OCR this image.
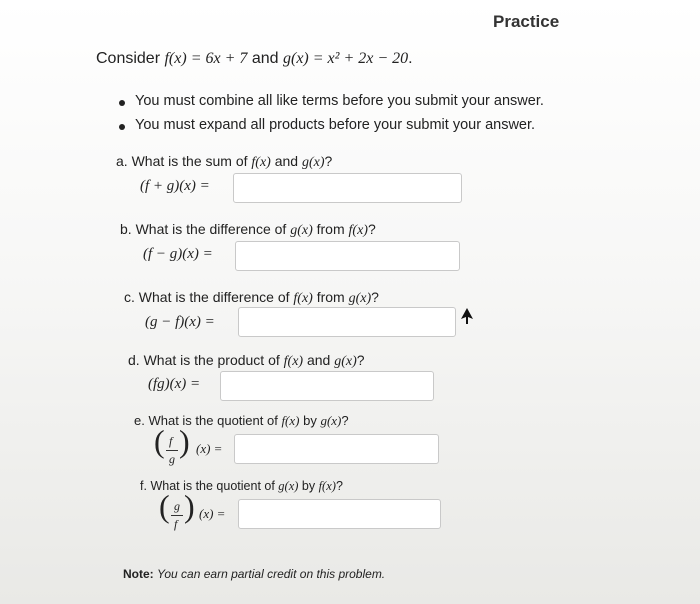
Practice
Consider f(x) = 6x + 7 and g(x) = x² + 2x − 20.
You must combine all like terms before you submit your answer.
You must expand all products before your submit your answer.
a. What is the sum of f(x) and g(x)?
(f + g)(x) =
b. What is the difference of g(x) from f(x)?
(f − g)(x) =
c. What is the difference of f(x) from g(x)?
(g − f)(x) =
d. What is the product of f(x) and g(x)?
(fg)(x) =
e. What is the quotient of f(x) by g(x)?
( f
g ) (x) =
f. What is the quotient of g(x) by f(x)?
( g
f ) (x) =
Note: You can earn partial credit on this problem.
